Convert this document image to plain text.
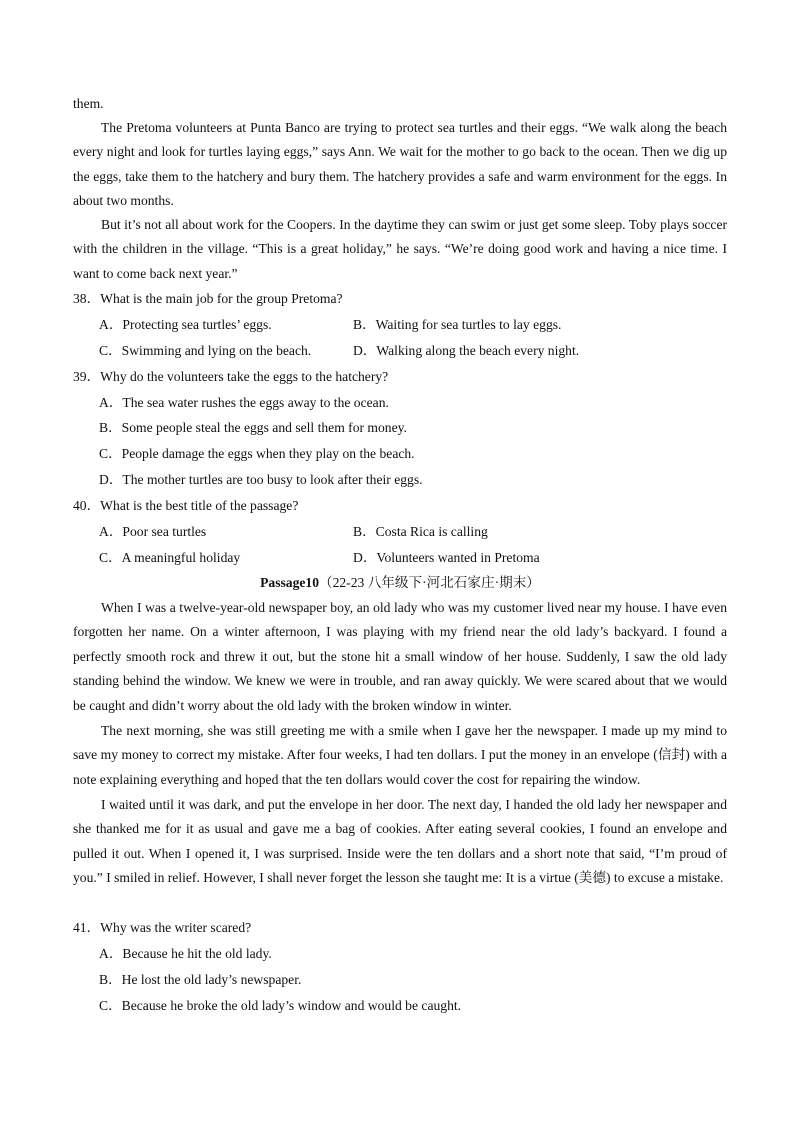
them.
The Pretoma volunteers at Punta Banco are trying to protect sea turtles and their eggs. “We walk along the beach every night and look for turtles laying eggs,” says Ann. We wait for the mother to go back to the ocean. Then we dig up the eggs, take them to the hatchery and bury them. The hatchery provides a safe and warm environment for the eggs. In about two months.
But it’s not all about work for the Coopers. In the daytime they can swim or just get some sleep. Toby plays soccer with the children in the village. “This is a great holiday,” he says. “We’re doing good work and having a nice time. I want to come back next year.”
38．What is the main job for the group Pretoma?
A．Protecting sea turtles’ eggs.	B．Waiting for sea turtles to lay eggs.
C．Swimming and lying on the beach.	D．Walking along the beach every night.
39．Why do the volunteers take the eggs to the hatchery?
A．The sea water rushes the eggs away to the ocean.
B．Some people steal the eggs and sell them for money.
C．People damage the eggs when they play on the beach.
D．The mother turtles are too busy to look after their eggs.
40．What is the best title of the passage?
A．Poor sea turtles	B．Costa Rica is calling
C．A meaningful holiday	D．Volunteers wanted in Pretoma
Passage10（22-23 八年级下·河北石家庄·期末）
When I was a twelve-year-old newspaper boy, an old lady who was my customer lived near my house. I have even forgotten her name. On a winter afternoon, I was playing with my friend near the old lady’s backyard. I found a perfectly smooth rock and threw it out, but the stone hit a small window of her house. Suddenly, I saw the old lady standing behind the window. We knew we were in trouble, and ran away quickly. We were scared about that we would be caught and didn’t worry about the old lady with the broken window in winter.
The next morning, she was still greeting me with a smile when I gave her the newspaper. I made up my mind to save my money to correct my mistake. After four weeks, I had ten dollars. I put the money in an envelope (信封) with a note explaining everything and hoped that the ten dollars would cover the cost for repairing the window.
I waited until it was dark, and put the envelope in her door. The next day, I handed the old lady her newspaper and she thanked me for it as usual and gave me a bag of cookies. After eating several cookies, I found an envelope and pulled it out. When I opened it, I was surprised. Inside were the ten dollars and a short note that said, “I’m proud of you.” I smiled in relief. However, I shall never forget the lesson she taught me: It is a virtue (美德) to excuse a mistake.
41．Why was the writer scared?
A．Because he hit the old lady.
B．He lost the old lady’s newspaper.
C．Because he broke the old lady’s window and would be caught.
